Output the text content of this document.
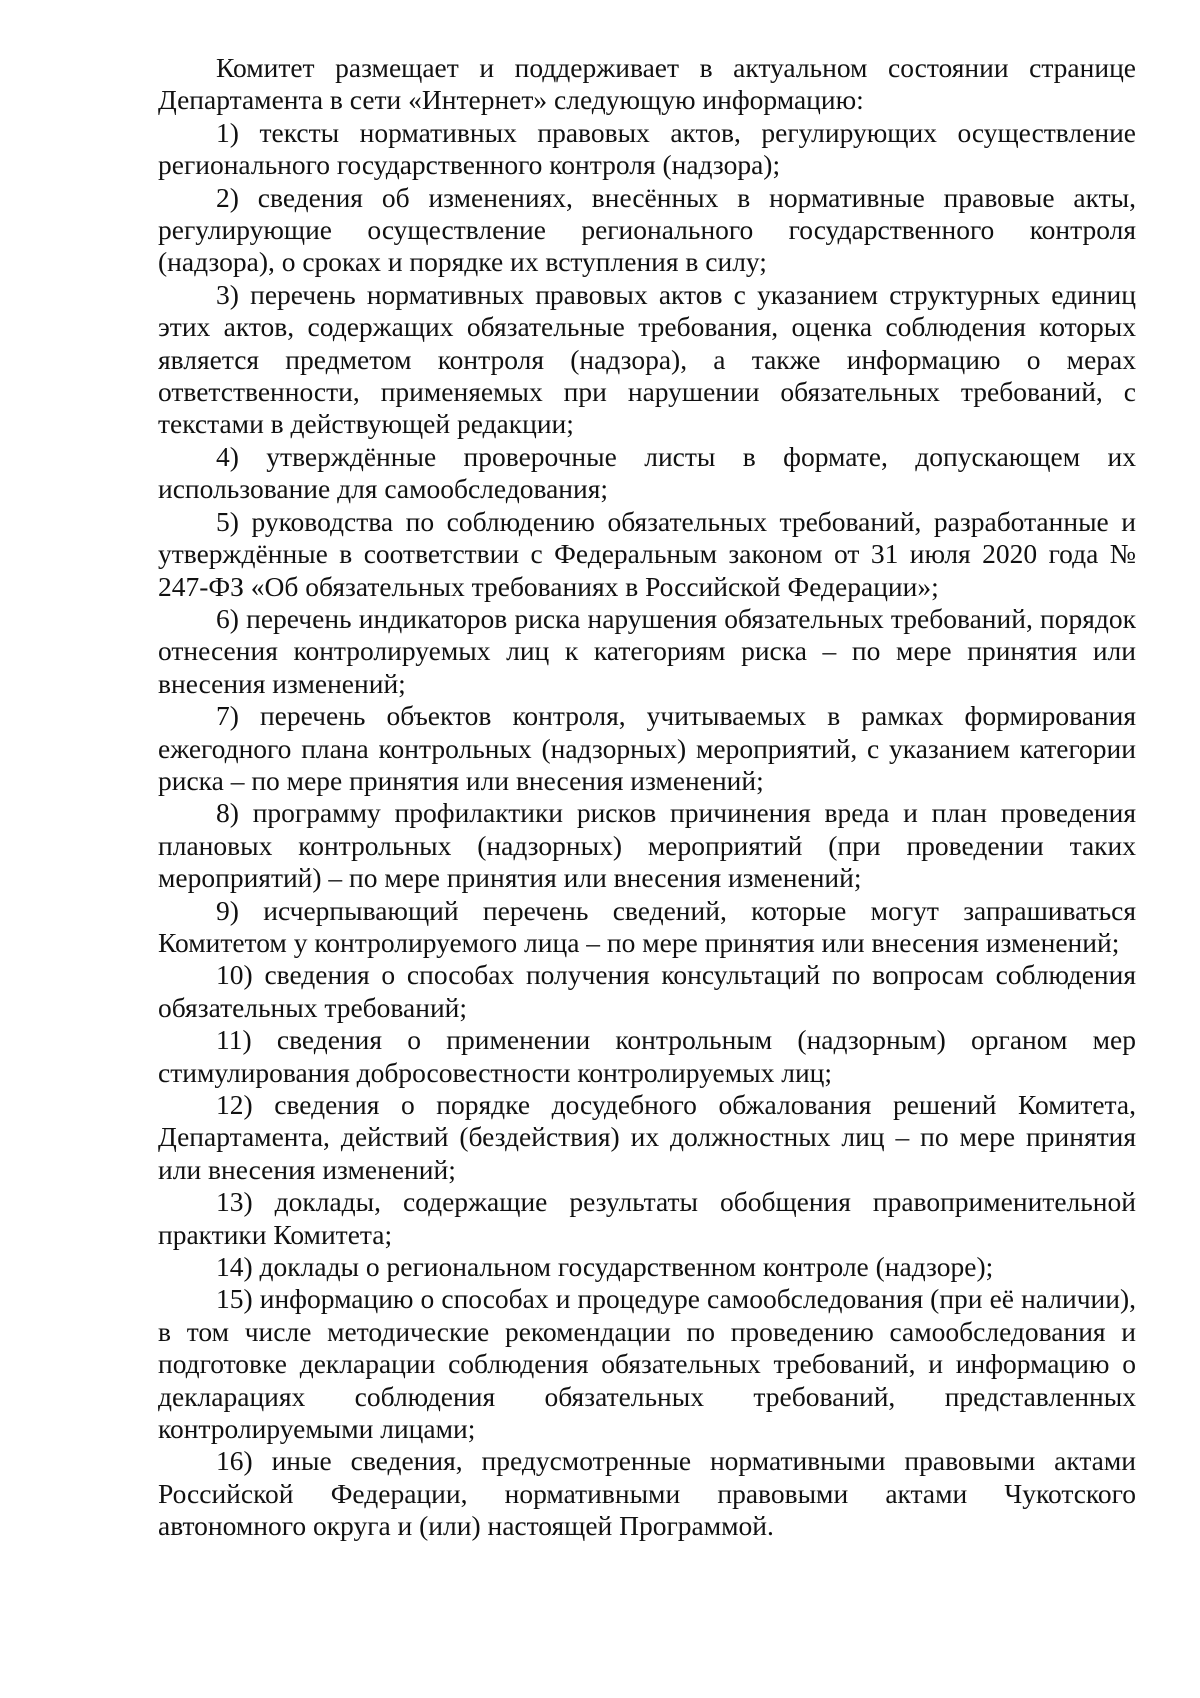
Комитет размещает и поддерживает в актуальном состоянии странице Департамента в сети «Интернет» следующую информацию:

1) тексты нормативных правовых актов, регулирующих осуществление регионального государственного контроля (надзора);

2) сведения об изменениях, внесённых в нормативные правовые акты, регулирующие осуществление регионального государственного контроля (надзора), о сроках и порядке их вступления в силу;

3) перечень нормативных правовых актов с указанием структурных единиц этих актов, содержащих обязательные требования, оценка соблюдения которых является предметом контроля (надзора), а также информацию о мерах ответственности, применяемых при нарушении обязательных требований, с текстами в действующей редакции;

4) утверждённые проверочные листы в формате, допускающем их использование для самообследования;

5) руководства по соблюдению обязательных требований, разработанные и утверждённые в соответствии с Федеральным законом от 31 июля 2020 года № 247-ФЗ «Об обязательных требованиях в Российской Федерации»;

6) перечень индикаторов риска нарушения обязательных требований, порядок отнесения контролируемых лиц к категориям риска – по мере принятия или внесения изменений;

7) перечень объектов контроля, учитываемых в рамках формирования ежегодного плана контрольных (надзорных) мероприятий, с указанием категории риска – по мере принятия или внесения изменений;

8) программу профилактики рисков причинения вреда и план проведения плановых контрольных (надзорных) мероприятий (при проведении таких мероприятий) – по мере принятия или внесения изменений;

9) исчерпывающий перечень сведений, которые могут запрашиваться Комитетом у контролируемого лица – по мере принятия или внесения изменений;

10) сведения о способах получения консультаций по вопросам соблюдения обязательных требований;

11) сведения о применении контрольным (надзорным) органом мер стимулирования добросовестности контролируемых лиц;

12) сведения о порядке досудебного обжалования решений Комитета, Департамента, действий (бездействия) их должностных лиц – по мере принятия или внесения изменений;

13) доклады, содержащие результаты обобщения правоприменительной практики Комитета;

14) доклады о региональном государственном контроле (надзоре);

15) информацию о способах и процедуре самообследования (при её наличии), в том числе методические рекомендации по проведению самообследования и подготовке декларации соблюдения обязательных требований, и информацию о декларациях соблюдения обязательных требований, представленных контролируемыми лицами;

16) иные сведения, предусмотренные нормативными правовыми актами Российской Федерации, нормативными правовыми актами Чукотского автономного округа и (или) настоящей Программой.
